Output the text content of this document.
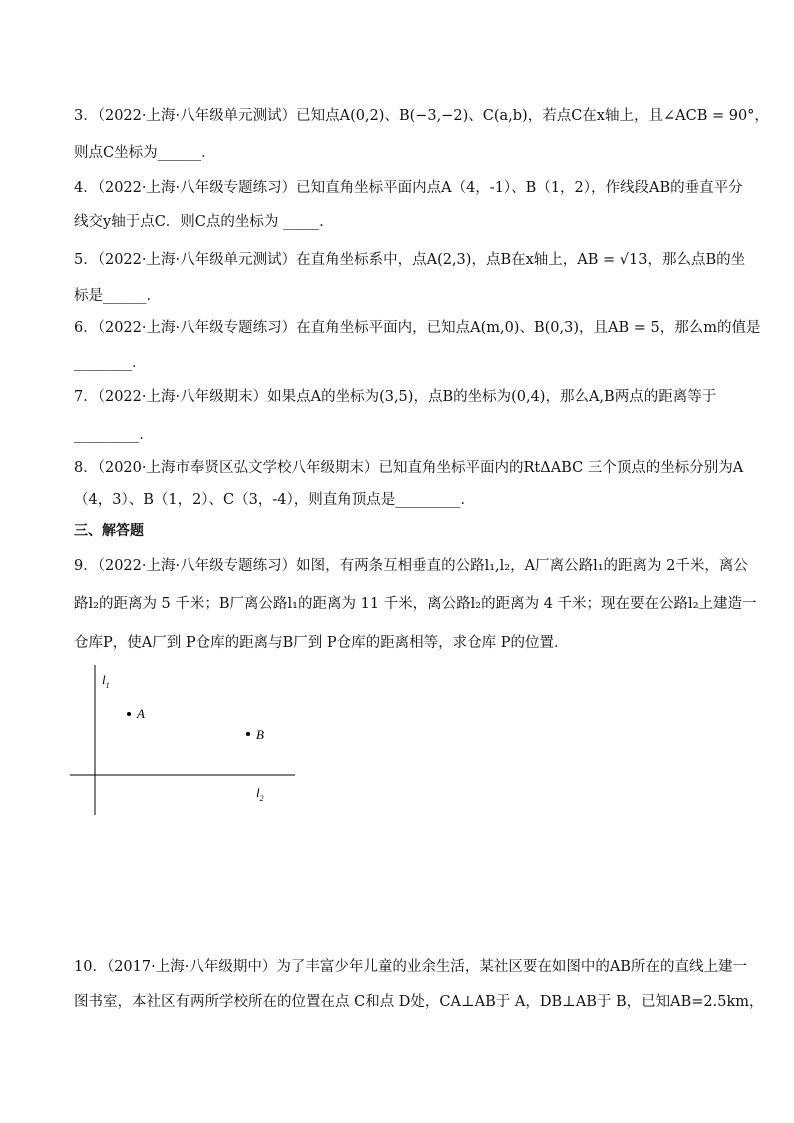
3．（2022·上海·八年级单元测试）已知点A(0,2)、B(−3,−2)、C(a,b)，若点C在x轴上，且∠ACB = 90°，
则点C坐标为______．
4．（2022·上海·八年级专题练习）已知直角坐标平面内点A（4，-1）、B（1，2），作线段AB的垂直平分
线交y轴于点C．则C点的坐标为 _____．
5．（2022·上海·八年级单元测试）在直角坐标系中，点A(2,3)，点B在x轴上，AB = √13，那么点B的坐
标是______．
6．（2022·上海·八年级专题练习）在直角坐标平面内，已知点A(m,0)、B(0,3)，且AB = 5，那么m的值是
________．
7．（2022·上海·八年级期末）如果点A的坐标为(3,5)，点B的坐标为(0,4)，那么A,B两点的距离等于
_________．
8．（2020·上海市奉贤区弘文学校八年级期末）已知直角坐标平面内的RtΔABC 三个顶点的坐标分别为A
（4，3）、B（1，2）、C（3，-4），则直角顶点是_________．
三、解答题
9．（2022·上海·八年级专题练习）如图，有两条互相垂直的公路l₁,l₂，A厂离公路l₁的距离为 2千米，离公
路l₂的距离为 5 千米；B厂离公路l₁的距离为 11 千米，离公路l₂的距离为 4 千米；现在要在公路l₂上建造一
仓库P，使A厂到 P仓库的距离与B厂到 P仓库的距离相等，求仓库 P的位置．
$l_1$
A
B
$l_2$
10．（2017·上海·八年级期中）为了丰富少年儿童的业余生活，某社区要在如图中的AB所在的直线上建一
图书室，本社区有两所学校所在的位置在点 C和点 D处，CA⊥AB于 A，DB⊥AB于 B，已知AB=2.5km，
